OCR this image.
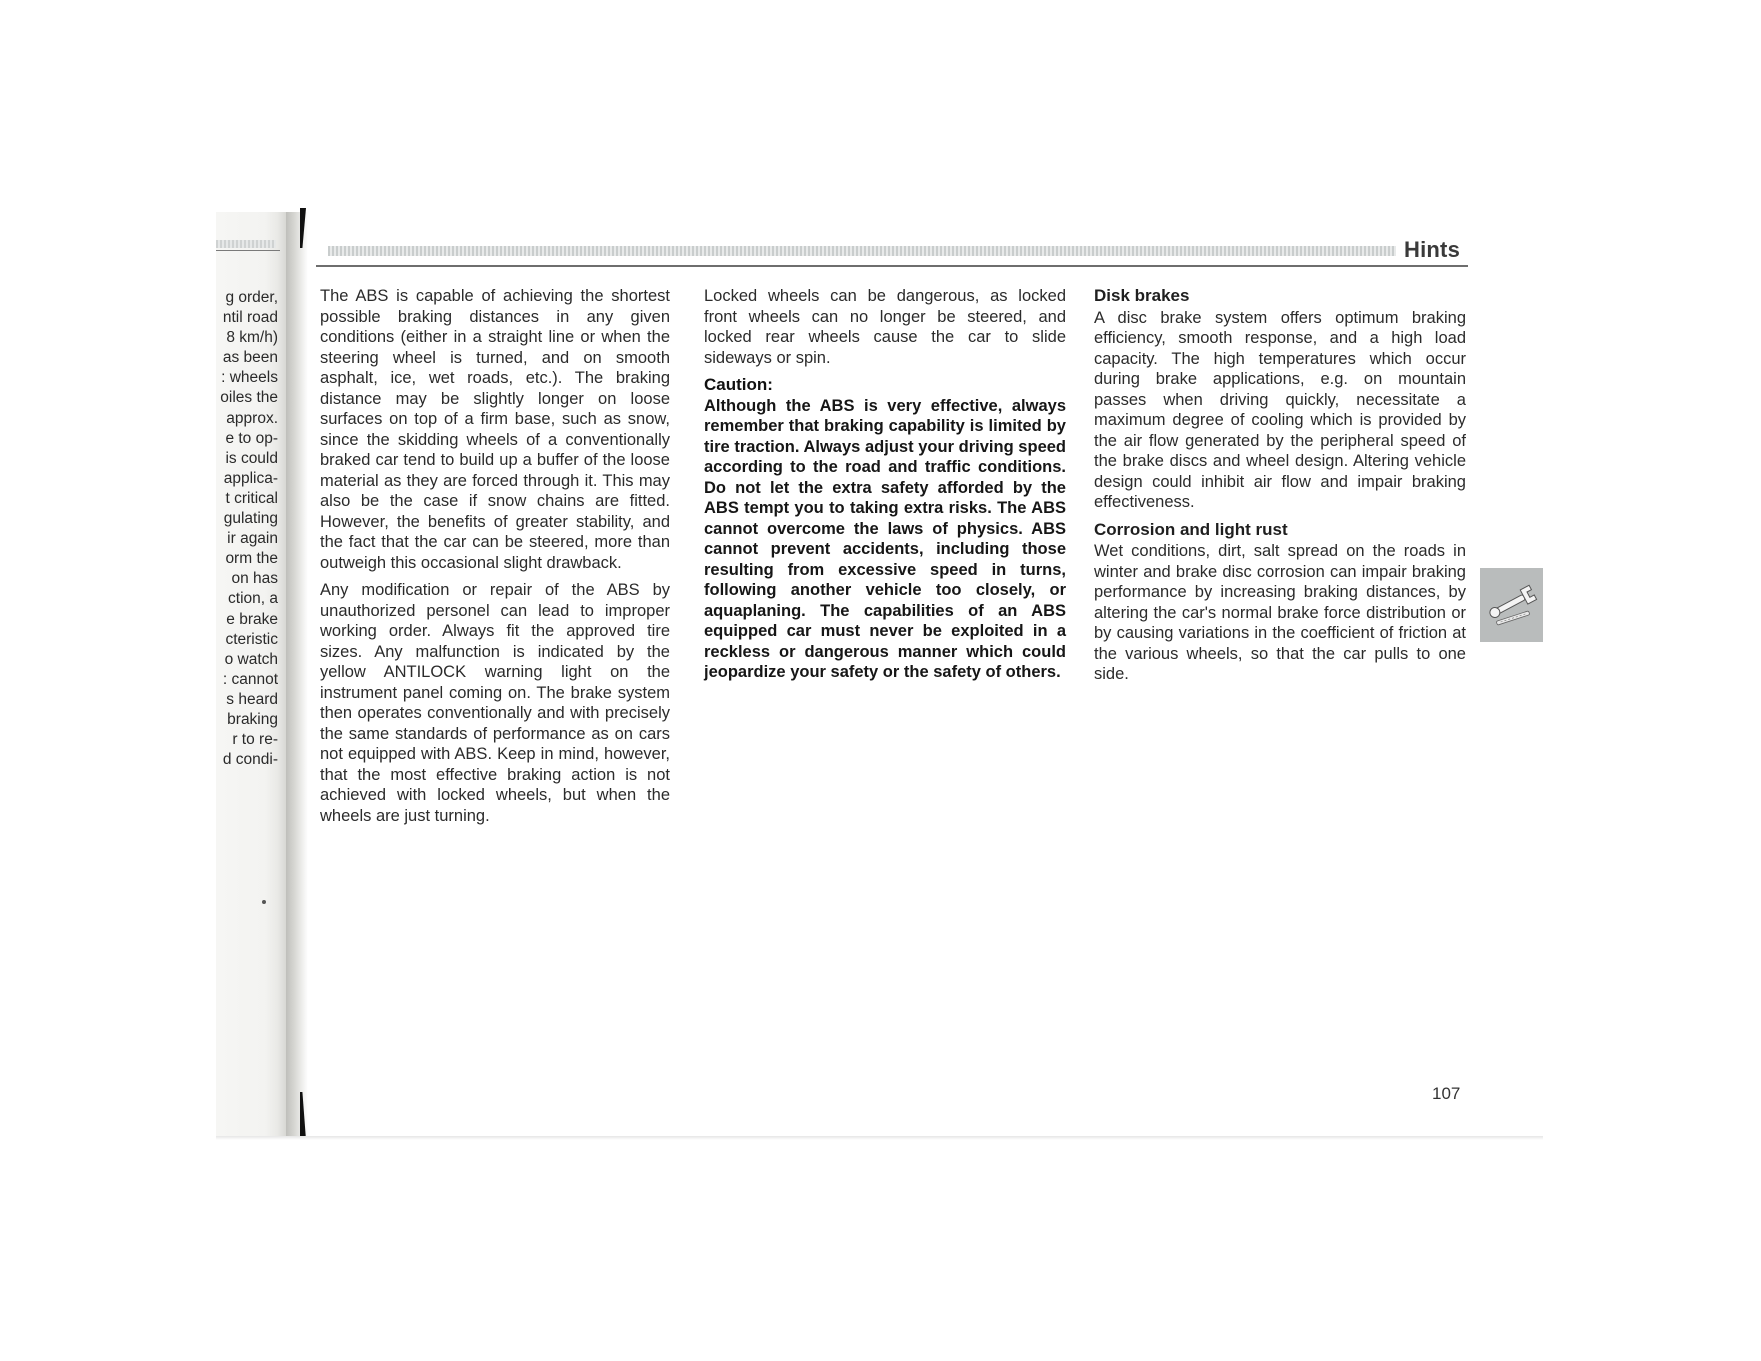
g order,
ntil road
8 km/h)
as been
: wheels
oiles the
approx.
e to op-
is could
applica-
t critical
gulating
ir again
orm the
on has
ction, a
e brake
cteristic
o watch
: cannot
s heard
braking
r to re-
d condi-
Hints

The ABS is capable of achieving the shortest possible braking distances in any given conditions (either in a straight line or when the steering wheel is turned, and on smooth asphalt, ice, wet roads, etc.). The braking distance may be slightly longer on loose surfaces on top of a firm base, such as snow, since the skidding wheels of a conventionally braked car tend to build up a buffer of the loose material as they are forced through it. This may also be the case if snow chains are fitted. However, the benefits of greater stability, and the fact that the car can be steered, more than outweigh this occasional slight drawback.

Any modification or repair of the ABS by unauthorized personel can lead to improper working order. Always fit the approved tire sizes. Any malfunction is indicated by the yellow ANTILOCK warning light on the instrument panel coming on. The brake system then operates conventionally and with precisely the same standards of performance as on cars not equipped with ABS. Keep in mind, however, that the most effective braking action is not achieved with locked wheels, but when the wheels are just turning.

Locked wheels can be dangerous, as locked front wheels can no longer be steered, and locked rear wheels cause the car to slide sideways or spin.

Caution:

Although the ABS is very effective, always remember that braking capability is limited by tire traction. Always adjust your driving speed according to the road and traffic conditions. Do not let the extra safety afforded by the ABS tempt you to taking extra risks. The ABS cannot overcome the laws of physics. ABS cannot prevent accidents, including those resulting from excessive speed in turns, following another vehicle too closely, or aquaplaning. The capabilities of an ABS equipped car must never be exploited in a reckless or dangerous manner which could jeopardize your safety or the safety of others.

Disk brakes

A disc brake system offers optimum braking efficiency, smooth response, and a high load capacity. The high temperatures which occur during brake applications, e.g. on mountain passes when driving quickly, necessitate a maximum degree of cooling which is provided by the air flow generated by the peripheral speed of the brake discs and wheel design. Altering vehicle design could inhibit air flow and impair braking effectiveness.

Corrosion and light rust

Wet conditions, dirt, salt spread on the roads in winter and brake disc corrosion can impair braking performance by increasing braking distances, by altering the car's normal brake force distribution or by causing variations in the coefficient of friction at the various wheels, so that the car pulls to one side.

107
